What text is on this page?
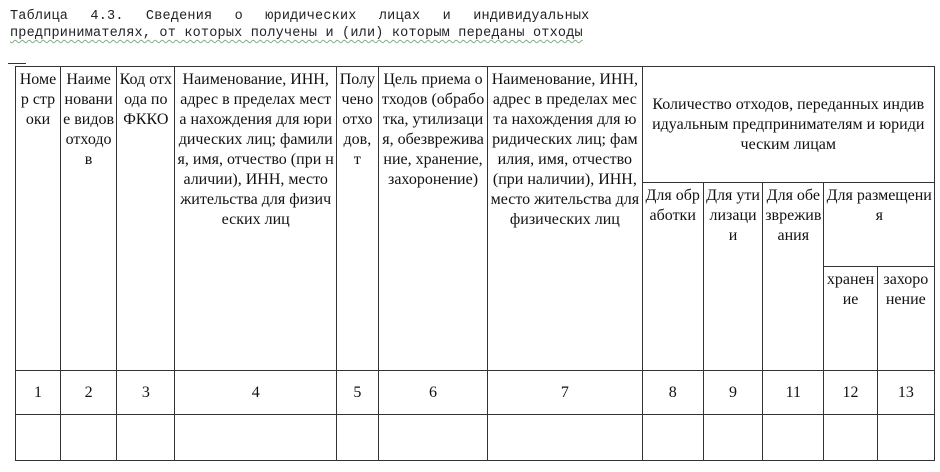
Таблица 4.3. Сведения о юридических лицах и индивидуальных
предпринимателях, от которых получены и (или) которым переданы отходы
Номер строки	Наименование видов отходов	Код отхода по ФККО	Наименование, ИНН, адрес в пределах места нахождения для юридических лиц; фамилия, имя, отчество (при наличии), ИНН, место жительства для физических лиц	Получено отходов, т	Цель приема отходов (обработка, утилизация, обезвреживание, хранение, захоронение)	Наименование, ИНН, адрес в пределах места нахождения для юридических лиц; фамилия, имя, отчество (при наличии), ИНН, место жительства для физических лиц	Количество отходов, переданных индивидуальным предпринимателям и юридическим лицам				
							Для обработки	Для утилизации	Для обезвреживания	Для размещения	
										хранение	захоронение
1	2	3	4	5	6	7	8	9	11	12	13
